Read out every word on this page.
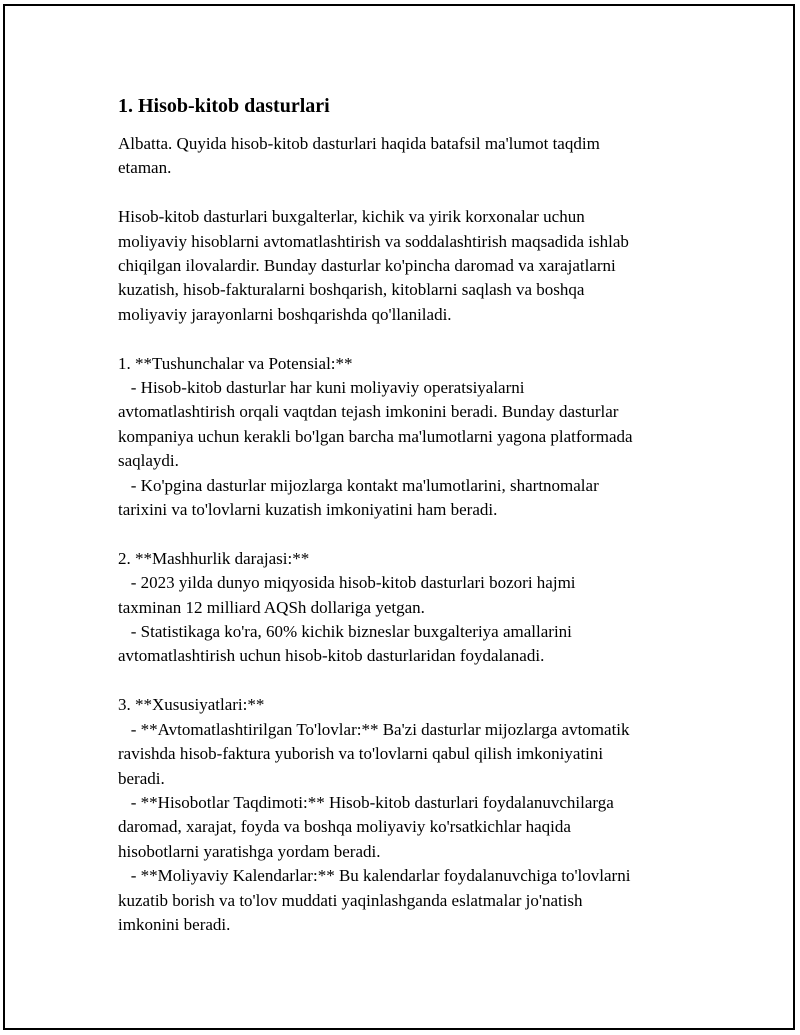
1. Hisob-kitob dasturlari
Albatta. Quyida hisob-kitob dasturlari haqida batafsil ma'lumot taqdim
etaman.
Hisob-kitob dasturlari buxgalterlar, kichik va yirik korxonalar uchun
moliyaviy hisoblarni avtomatlashtirish va soddalashtirish maqsadida ishlab
chiqilgan ilovalardir. Bunday dasturlar ko'pincha daromad va xarajatlarni
kuzatish, hisob-fakturalarni boshqarish, kitoblarni saqlash va boshqa
moliyaviy jarayonlarni boshqarishda qo'llaniladi.
1. **Tushunchalar va Potensial:**
- Hisob-kitob dasturlar har kuni moliyaviy operatsiyalarni
avtomatlashtirish orqali vaqtdan tejash imkonini beradi. Bunday dasturlar
kompaniya uchun kerakli bo'lgan barcha ma'lumotlarni yagona platformada
saqlaydi.
- Ko'pgina dasturlar mijozlarga kontakt ma'lumotlarini, shartnomalar
tarixini va to'lovlarni kuzatish imkoniyatini ham beradi.
2. **Mashhurlik darajasi:**
- 2023 yilda dunyo miqyosida hisob-kitob dasturlari bozori hajmi
taxminan 12 milliard AQSh dollariga yetgan.
- Statistikaga ko'ra, 60% kichik bizneslar buxgalteriya amallarini
avtomatlashtirish uchun hisob-kitob dasturlaridan foydalanadi.
3. **Xususiyatlari:**
- **Avtomatlashtirilgan To'lovlar:** Ba'zi dasturlar mijozlarga avtomatik
ravishda hisob-faktura yuborish va to'lovlarni qabul qilish imkoniyatini
beradi.
- **Hisobotlar Taqdimoti:** Hisob-kitob dasturlari foydalanuvchilarga
daromad, xarajat, foyda va boshqa moliyaviy ko'rsatkichlar haqida
hisobotlarni yaratishga yordam beradi.
- **Moliyaviy Kalendarlar:** Bu kalendarlar foydalanuvchiga to'lovlarni
kuzatib borish va to'lov muddati yaqinlashganda eslatmalar jo'natish
imkonini beradi.
